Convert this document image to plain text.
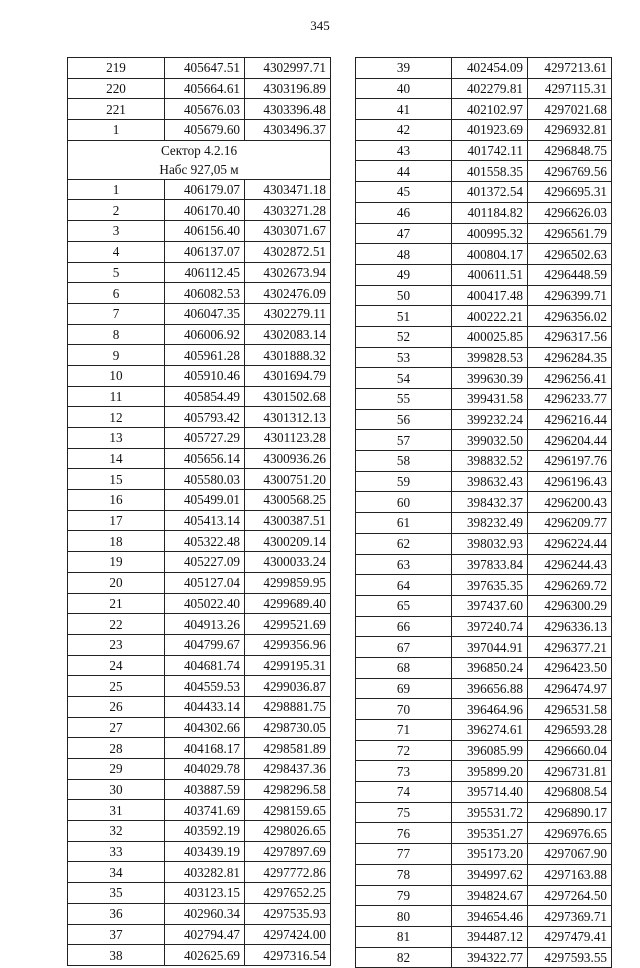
345
219	405647.51	4302997.71
220	405664.61	4303196.89
221	405676.03	4303396.48
1	405679.60	4303496.37

Сектор 4.2.16
Набс 927,05 м		

1	406179.07	4303471.18
2	406170.40	4303271.28
3	406156.40	4303071.67
4	406137.07	4302872.51
5	406112.45	4302673.94
6	406082.53	4302476.09
7	406047.35	4302279.11
8	406006.92	4302083.14
9	405961.28	4301888.32
10	405910.46	4301694.79
11	405854.49	4301502.68
12	405793.42	4301312.13
13	405727.29	4301123.28
14	405656.14	4300936.26
15	405580.03	4300751.20
16	405499.01	4300568.25
17	405413.14	4300387.51
18	405322.48	4300209.14
19	405227.09	4300033.24
20	405127.04	4299859.95
21	405022.40	4299689.40
22	404913.26	4299521.69
23	404799.67	4299356.96
24	404681.74	4299195.31
25	404559.53	4299036.87
26	404433.14	4298881.75
27	404302.66	4298730.05
28	404168.17	4298581.89
29	404029.78	4298437.36
30	403887.59	4298296.58
31	403741.69	4298159.65
32	403592.19	4298026.65
33	403439.19	4297897.69
34	403282.81	4297772.86
35	403123.15	4297652.25
36	402960.34	4297535.93
37	402794.47	4297424.00
38	402625.69	4297316.54
39	402454.09	4297213.61
40	402279.81	4297115.31
41	402102.97	4297021.68
42	401923.69	4296932.81
43	401742.11	4296848.75
44	401558.35	4296769.56
45	401372.54	4296695.31
46	401184.82	4296626.03
47	400995.32	4296561.79
48	400804.17	4296502.63
49	400611.51	4296448.59
50	400417.48	4296399.71
51	400222.21	4296356.02
52	400025.85	4296317.56
53	399828.53	4296284.35
54	399630.39	4296256.41
55	399431.58	4296233.77
56	399232.24	4296216.44
57	399032.50	4296204.44
58	398832.52	4296197.76
59	398632.43	4296196.43
60	398432.37	4296200.43
61	398232.49	4296209.77
62	398032.93	4296224.44
63	397833.84	4296244.43
64	397635.35	4296269.72
65	397437.60	4296300.29
66	397240.74	4296336.13
67	397044.91	4296377.21
68	396850.24	4296423.50
69	396656.88	4296474.97
70	396464.96	4296531.58
71	396274.61	4296593.28
72	396085.99	4296660.04
73	395899.20	4296731.81
74	395714.40	4296808.54
75	395531.72	4296890.17
76	395351.27	4296976.65
77	395173.20	4297067.90
78	394997.62	4297163.88
79	394824.67	4297264.50
80	394654.46	4297369.71
81	394487.12	4297479.41
82	394322.77	4297593.55
